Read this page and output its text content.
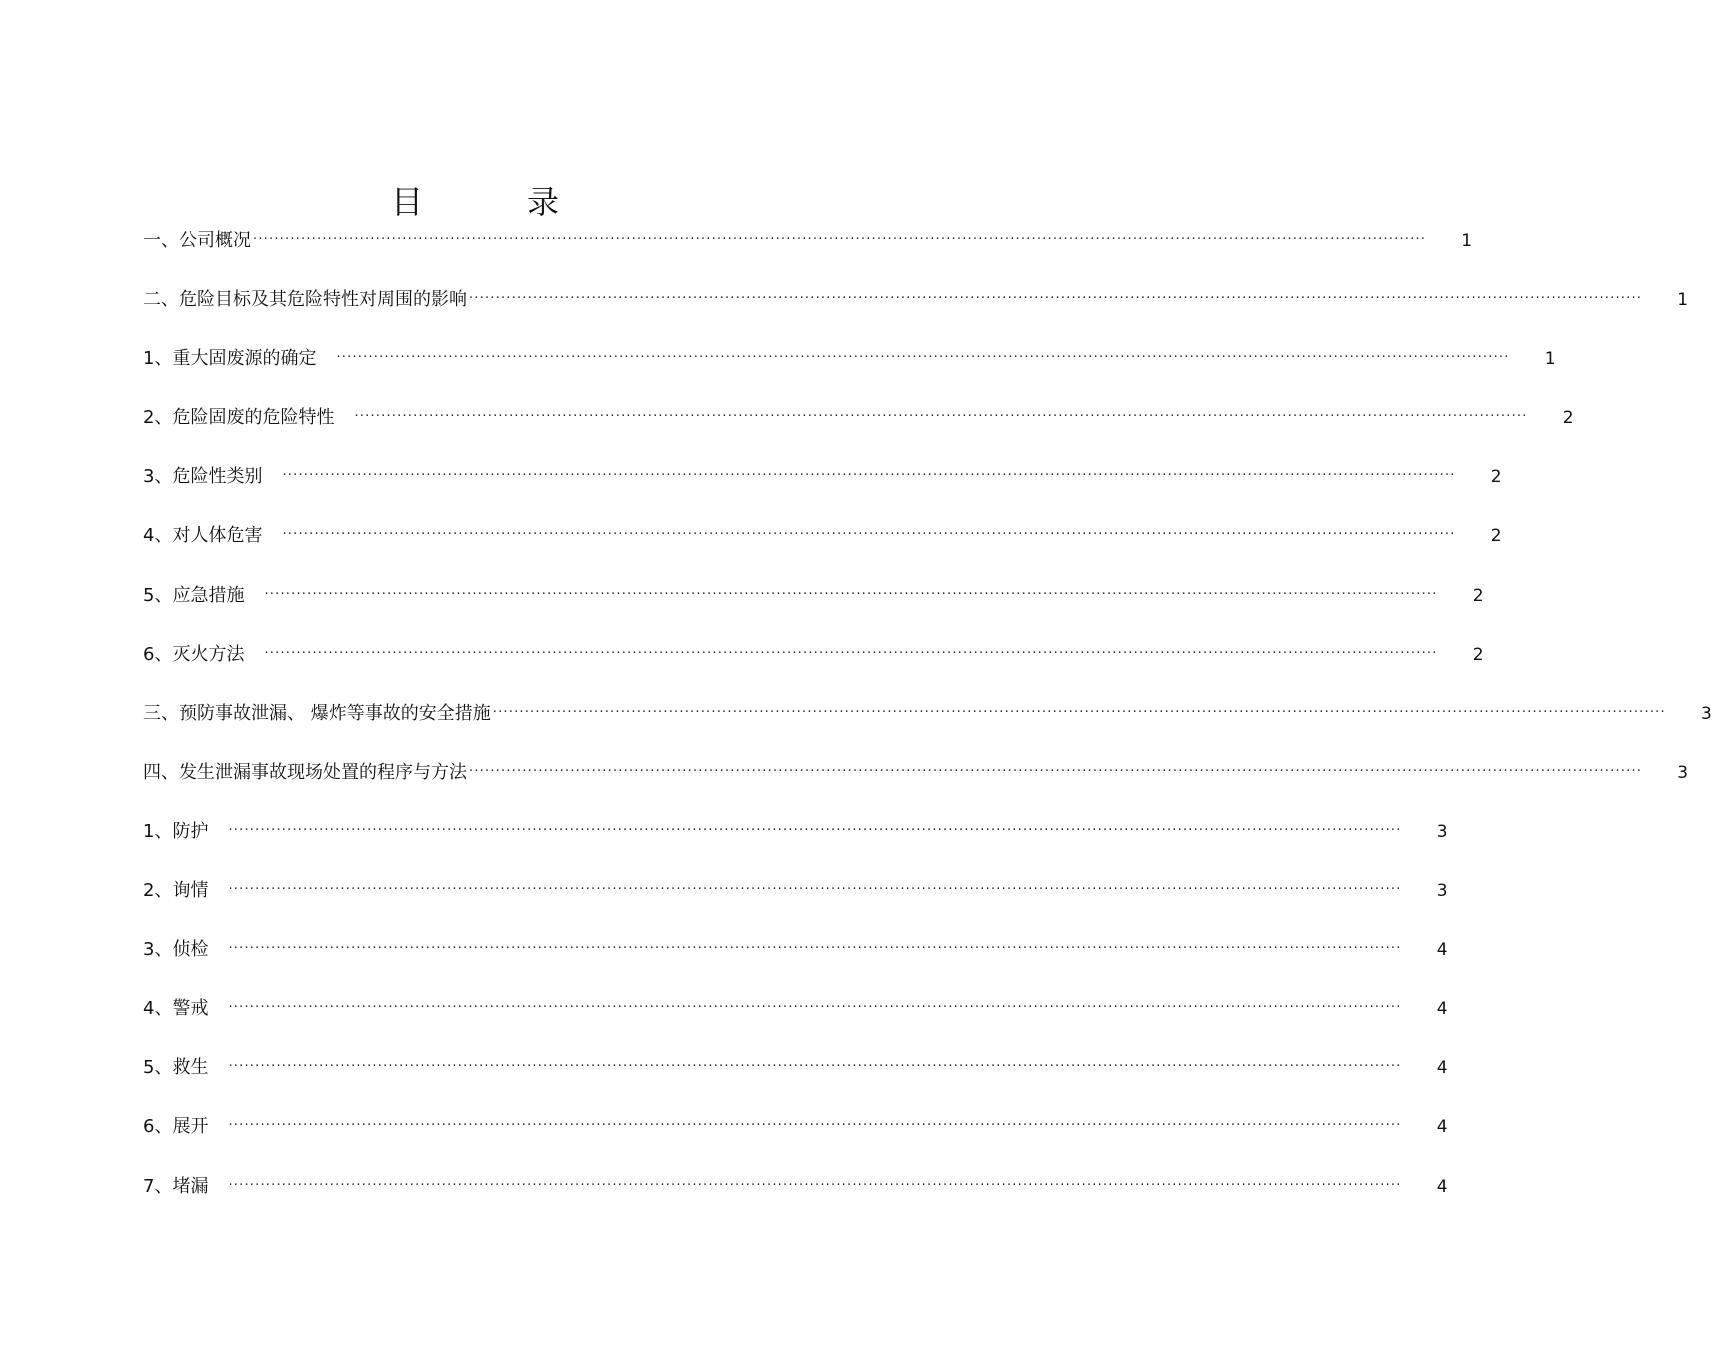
目　录
一、公司概况 ····························································································································································································································	1
二、危险目标及其危险特性对周围的影响 ····························································································································································································································	1
1、重大固废源的确定 ····························································································································································································································	1
2、危险固废的危险特性 ····························································································································································································································	2
3、危险性类别 ····························································································································································································································	2
4、对人体危害 ····························································································································································································································	2
5、应急措施 ····························································································································································································································	2
6、灭火方法 ····························································································································································································································	2
三、预防事故泄漏、 爆炸等事故的安全措施 ····························································································································································································································	3
四、发生泄漏事故现场处置的程序与方法 ····························································································································································································································	3
1、防护 ····························································································································································································································	3
2、询情 ····························································································································································································································	3
3、侦检 ····························································································································································································································	4
4、警戒 ····························································································································································································································	4
5、救生 ····························································································································································································································	4
6、展开 ····························································································································································································································	4
7、堵漏 ····························································································································································································································	4
